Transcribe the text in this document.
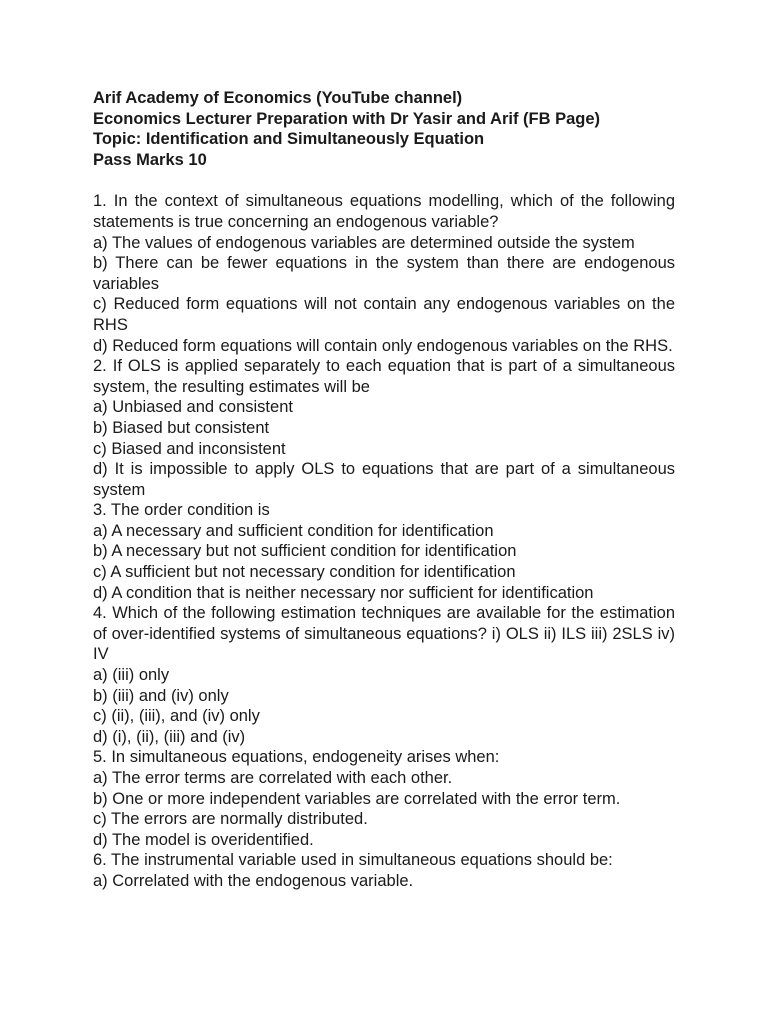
Arif Academy of Economics (YouTube channel)
Economics Lecturer Preparation with Dr Yasir and Arif (FB Page)
Topic: Identification and Simultaneously Equation
Pass Marks 10
1. In the context of simultaneous equations modelling, which of the following statements is true concerning an endogenous variable?
a) The values of endogenous variables are determined outside the system
b) There can be fewer equations in the system than there are endogenous variables
c) Reduced form equations will not contain any endogenous variables on the RHS
d) Reduced form equations will contain only endogenous variables on the RHS.
2. If OLS is applied separately to each equation that is part of a simultaneous system, the resulting estimates will be
a) Unbiased and consistent
b) Biased but consistent
c) Biased and inconsistent
d) It is impossible to apply OLS to equations that are part of a simultaneous system
3. The order condition is
a) A necessary and sufficient condition for identification
b) A necessary but not sufficient condition for identification
c) A sufficient but not necessary condition for identification
d) A condition that is neither necessary nor sufficient for identification
4. Which of the following estimation techniques are available for the estimation of over-identified systems of simultaneous equations? i) OLS ii) ILS iii) 2SLS iv) IV
a) (iii) only
b) (iii) and (iv) only
c) (ii), (iii), and (iv) only
d) (i), (ii), (iii) and (iv)
5. In simultaneous equations, endogeneity arises when:
a) The error terms are correlated with each other.
b) One or more independent variables are correlated with the error term.
c) The errors are normally distributed.
d) The model is overidentified.
6. The instrumental variable used in simultaneous equations should be:
a) Correlated with the endogenous variable.
